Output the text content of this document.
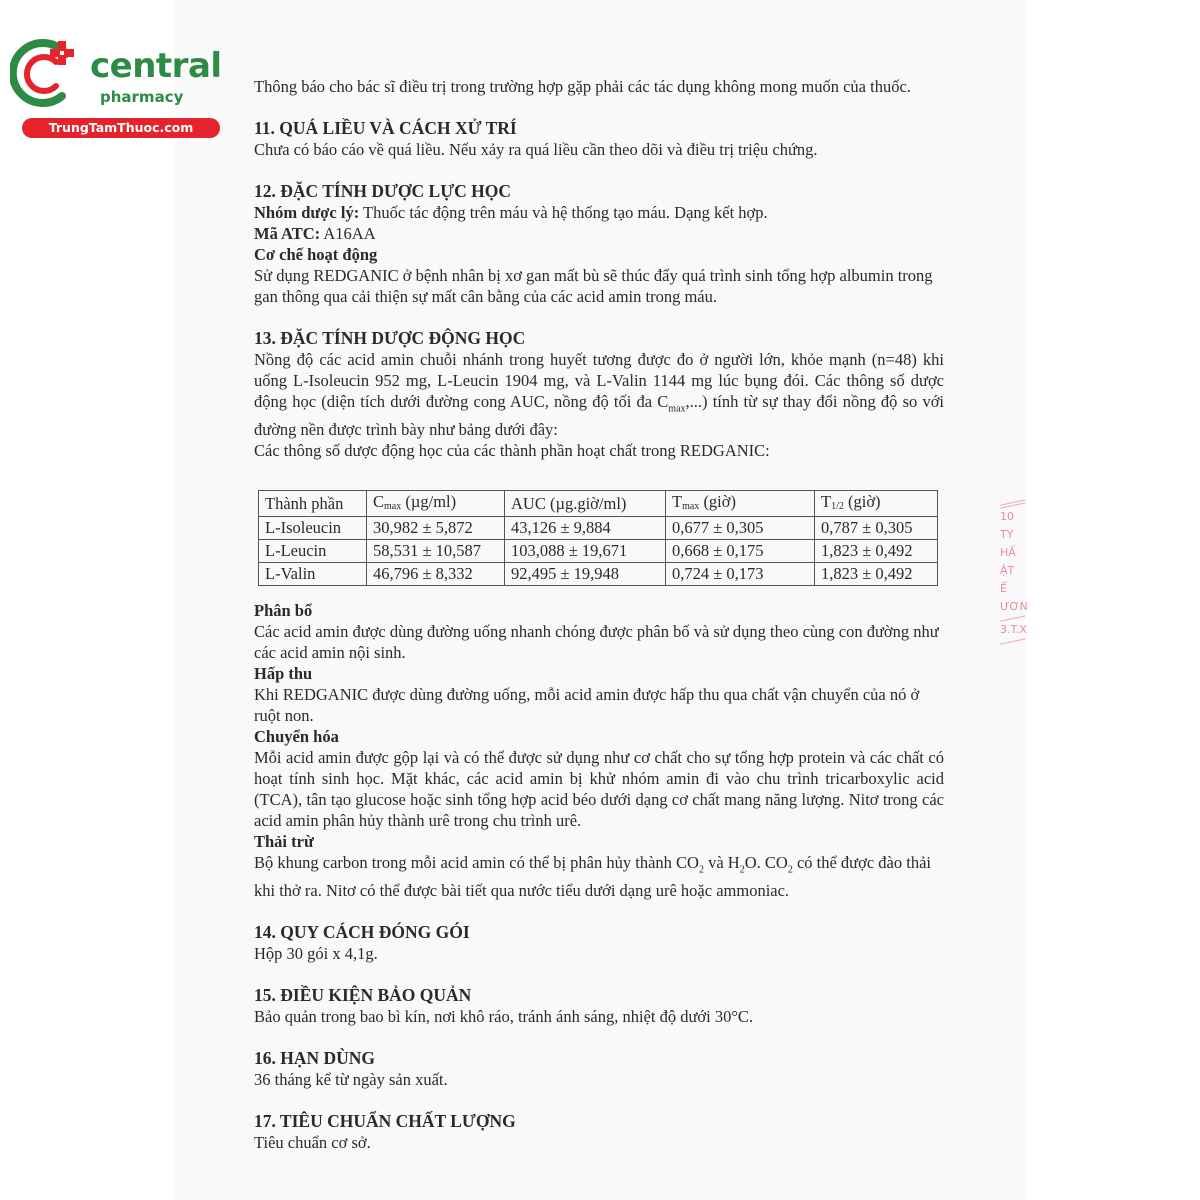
central
pharmacy
TrungTamThuoc.com

Thông báo cho bác sĩ điều trị trong trường hợp gặp phải các tác dụng không mong muốn của thuốc.

11. QUÁ LIỀU VÀ CÁCH XỬ TRÍ

Chưa có báo cáo về quá liều. Nếu xảy ra quá liều cần theo dõi và điều trị triệu chứng.

12. ĐẶC TÍNH DƯỢC LỰC HỌC

Nhóm dược lý: Thuốc tác động trên máu và hệ thống tạo máu. Dạng kết hợp.

Mã ATC: A16AA

Cơ chế hoạt động

Sử dụng REDGANIC ở bệnh nhân bị xơ gan mất bù sẽ thúc đẩy quá trình sinh tổng hợp albumin trong gan thông qua cải thiện sự mất cân bằng của các acid amin trong máu.

13. ĐẶC TÍNH DƯỢC ĐỘNG HỌC

Nồng độ các acid amin chuỗi nhánh trong huyết tương được đo ở người lớn, khỏe mạnh (n=48) khi uống L-Isoleucin 952 mg, L-Leucin 1904 mg, và L-Valin 1144 mg lúc bụng đói. Các thông số dược động học (diện tích dưới đường cong AUC, nồng độ tối đa $C_{max}$,...) tính từ sự thay đổi nồng độ so với đường nền được trình bày như bảng dưới đây:

Các thông số dược động học của các thành phần hoạt chất trong REDGANIC:

Thành phần	$C_{max}$ (µg/ml)	AUC (µg.giờ/ml)	$T_{max}$ (giờ)	$T_{1/2}$ (giờ)
L-Isoleucin	30,982 ± 5,872	43,126 ± 9,884	0,677 ± 0,305	0,787 ± 0,305
L-Leucin	58,531 ± 10,587	103,088 ± 19,671	0,668 ± 0,175	1,823 ± 0,492
L-Valin	46,796 ± 8,332	92,495 ± 19,948	0,724 ± 0,173	1,823 ± 0,492

Phân bố

Các acid amin được dùng đường uống nhanh chóng được phân bố và sử dụng theo cùng con đường như các acid amin nội sinh.

Hấp thu

Khi REDGANIC được dùng đường uống, mỗi acid amin được hấp thu qua chất vận chuyển của nó ở ruột non.

Chuyển hóa

Mỗi acid amin được gộp lại và có thể được sử dụng như cơ chất cho sự tổng hợp protein và các chất có hoạt tính sinh học. Mặt khác, các acid amin bị khử nhóm amin đi vào chu trình tricarboxylic acid (TCA), tân tạo glucose hoặc sinh tổng hợp acid béo dưới dạng cơ chất mang năng lượng. Nitơ trong các acid amin phân hủy thành urê trong chu trình urê.

Thải trừ

Bộ khung carbon trong mỗi acid amin có thể bị phân hủy thành $CO_2$ và $H_2O$. $CO_2$ có thể được đào thải khi thở ra. Nitơ có thể được bài tiết qua nước tiểu dưới dạng urê hoặc ammoniac.

14. QUY CÁCH ĐÓNG GÓI

Hộp 30 gói x 4,1g.

15. ĐIỀU KIỆN BẢO QUẢN

Bảo quản trong bao bì kín, nơi khô ráo, tránh ánh sáng, nhiệt độ dưới 30°C.

16. HẠN DÙNG

36 tháng kể từ ngày sản xuất.

17. TIÊU CHUẨN CHẤT LƯỢNG

Tiêu chuẩn cơ sở.

10
TY
HẤ
ẬT
Ế
ƯƠN
3.T.X
